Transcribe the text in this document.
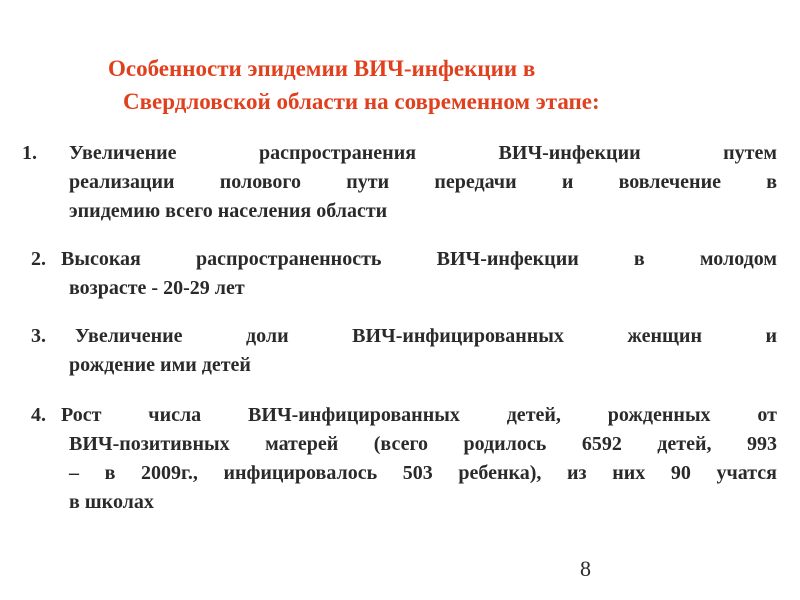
Особенности эпидемии ВИЧ-инфекции в
Свердловской области на современном этапе:
1. Увеличение распространения ВИЧ-инфекции путем
реализации полового пути передачи и вовлечение в
эпидемию всего населения области
2. Высокая распространенность ВИЧ-инфекции в молодом
возрасте - 20-29 лет
3. Увеличение доли ВИЧ-инфицированных женщин и
рождение ими детей
4. Рост числа ВИЧ-инфицированных детей, рожденных от
ВИЧ-позитивных матерей (всего родилось 6592 детей, 993
– в 2009г., инфицировалось 503 ребенка), из них 90 учатся
в школах
8
